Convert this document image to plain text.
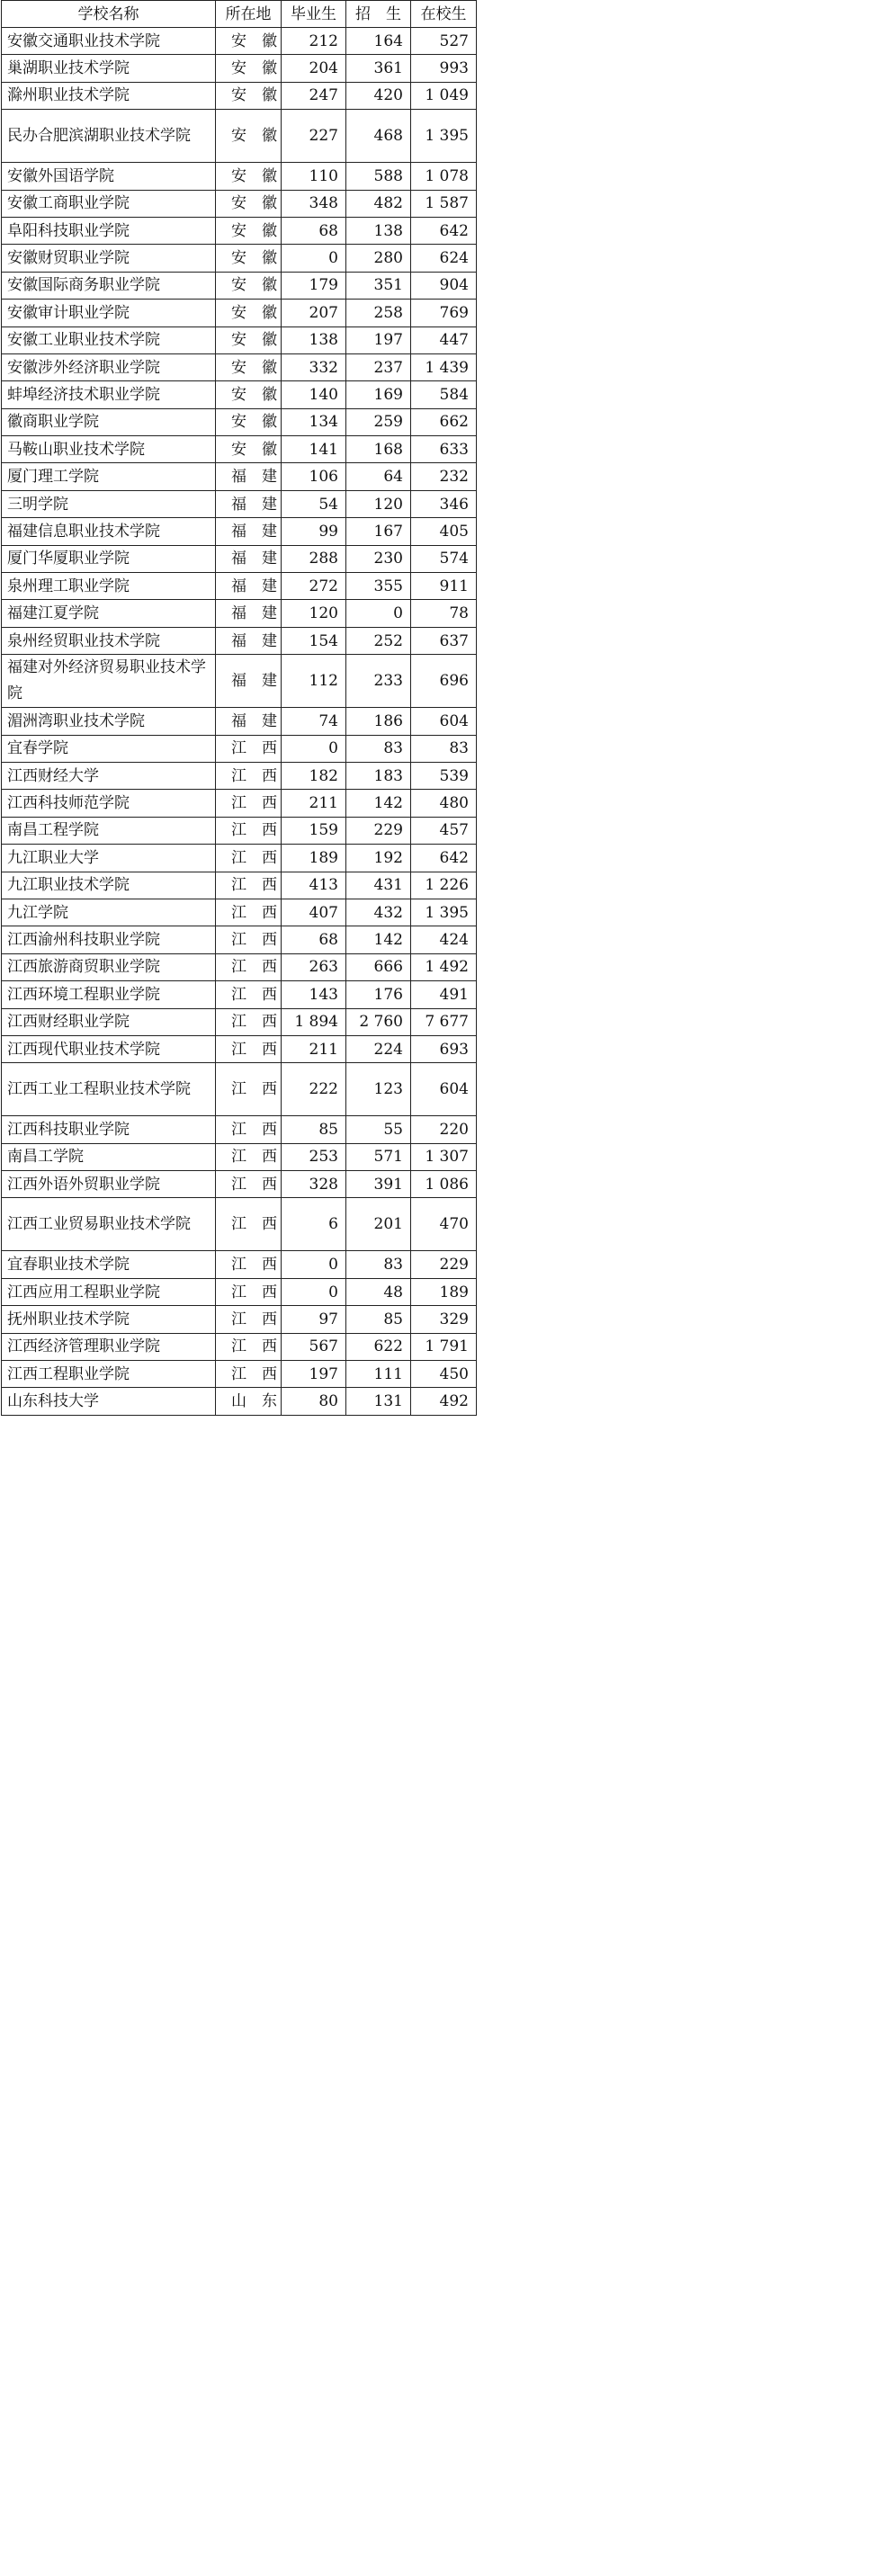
学校名称	所在地	毕业生	招　生	在校生
安徽交通职业技术学院	安徽	212	164	527
巢湖职业技术学院	安徽	204	361	993
滁州职业技术学院	安徽	247	420	1 049
民办合肥滨湖职业技术学院	安徽	227	468	1 395
安徽外国语学院	安徽	110	588	1 078
安徽工商职业学院	安徽	348	482	1 587
阜阳科技职业学院	安徽	68	138	642
安徽财贸职业学院	安徽	0	280	624
安徽国际商务职业学院	安徽	179	351	904
安徽审计职业学院	安徽	207	258	769
安徽工业职业技术学院	安徽	138	197	447
安徽涉外经济职业学院	安徽	332	237	1 439
蚌埠经济技术职业学院	安徽	140	169	584
徽商职业学院	安徽	134	259	662
马鞍山职业技术学院	安徽	141	168	633
厦门理工学院	福建	106	64	232
三明学院	福建	54	120	346
福建信息职业技术学院	福建	99	167	405
厦门华厦职业学院	福建	288	230	574
泉州理工职业学院	福建	272	355	911
福建江夏学院	福建	120	0	78
泉州经贸职业技术学院	福建	154	252	637
福建对外经济贸易职业技术学院	福建	112	233	696
湄洲湾职业技术学院	福建	74	186	604
宜春学院	江西	0	83	83
江西财经大学	江西	182	183	539
江西科技师范学院	江西	211	142	480
南昌工程学院	江西	159	229	457
九江职业大学	江西	189	192	642
九江职业技术学院	江西	413	431	1 226
九江学院	江西	407	432	1 395
江西渝州科技职业学院	江西	68	142	424
江西旅游商贸职业学院	江西	263	666	1 492
江西环境工程职业学院	江西	143	176	491
江西财经职业学院	江西	1 894	2 760	7 677
江西现代职业技术学院	江西	211	224	693
江西工业工程职业技术学院	江西	222	123	604
江西科技职业学院	江西	85	55	220
南昌工学院	江西	253	571	1 307
江西外语外贸职业学院	江西	328	391	1 086
江西工业贸易职业技术学院	江西	6	201	470
宜春职业技术学院	江西	0	83	229
江西应用工程职业学院	江西	0	48	189
抚州职业技术学院	江西	97	85	329
江西经济管理职业学院	江西	567	622	1 791
江西工程职业学院	江西	197	111	450
山东科技大学	山东	80	131	492
